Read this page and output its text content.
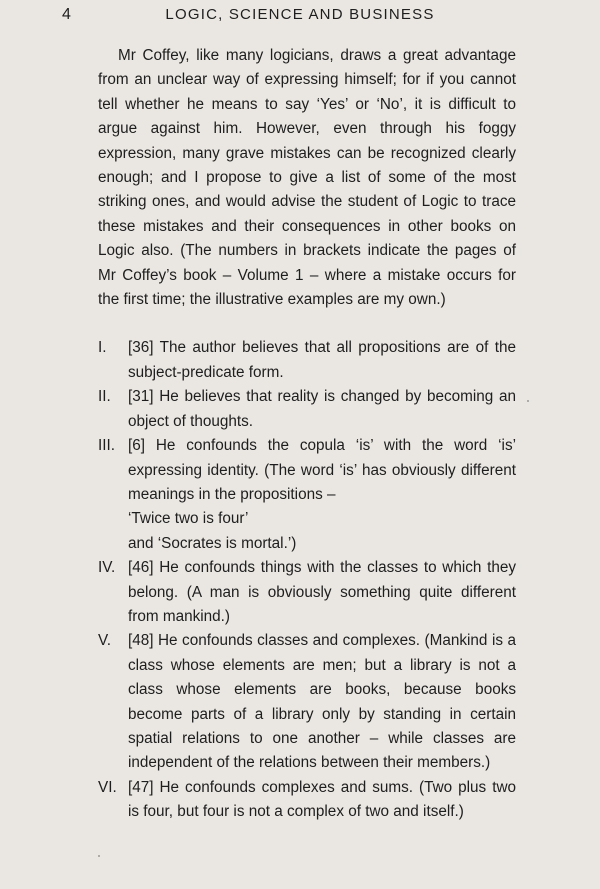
4	LOGIC, SCIENCE AND BUSINESS

Mr Coffey, like many logicians, draws a great advantage from an unclear way of expressing himself; for if you cannot tell whether he means to say ‘Yes’ or ‘No’, it is difficult to argue against him. However, even through his foggy expression, many grave mistakes can be recognized clearly enough; and I propose to give a list of some of the most striking ones, and would advise the student of Logic to trace these mistakes and their consequences in other books on Logic also. (The numbers in brackets indicate the pages of Mr Coffey’s book – Volume 1 – where a mistake occurs for the first time; the illustrative examples are my own.)

I.	[36] The author believes that all propositions are of the subject-predicate form.
II.	[31] He believes that reality is changed by becoming an object of thoughts.
III. [6] He confounds the copula ‘is’ with the word ‘is’ expressing identity. (The word ‘is’ has obviously different meanings in the propositions –
‘Twice two is four’
and ‘Socrates is mortal.’)
IV. [46] He confounds things with the classes to which they belong. (A man is obviously something quite different from mankind.)
V.	[48] He confounds classes and complexes. (Mankind is a class whose elements are men; but a library is not a class whose elements are books, because books become parts of a library only by standing in certain spatial relations to one another – while classes are independent of the relations between their members.)
VI. [47] He confounds complexes and sums. (Two plus two is four, but four is not a complex of two and itself.)
